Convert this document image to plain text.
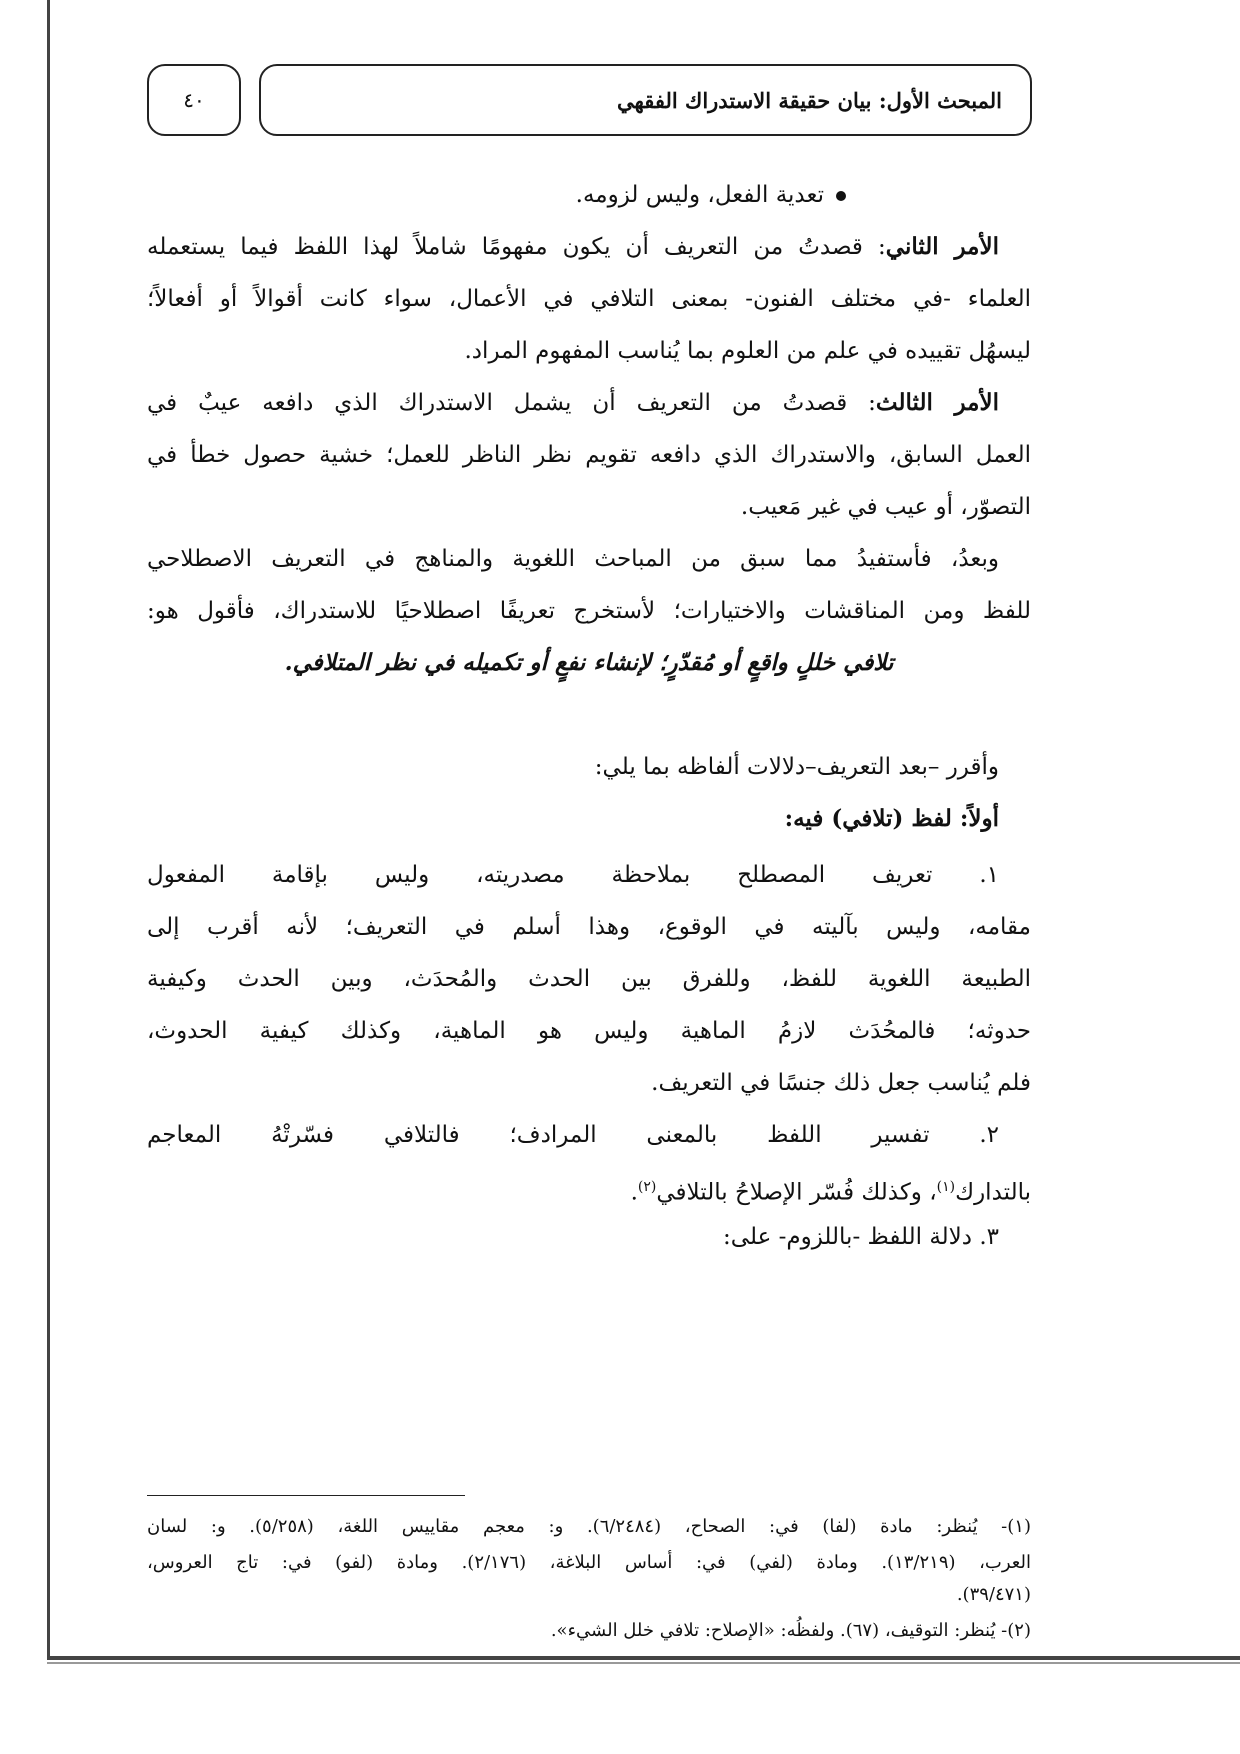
المبحث الأول: بيان حقيقة الاستدراك الفقهي
٤٠
تعدية الفعل، وليس لزومه.
الأمر الثاني: قصدتُ من التعريف أن يكون مفهومًا شاملاً لهذا اللفظ فيما يستعمله
العلماء -في مختلف الفنون- بمعنى التلافي في الأعمال، سواء كانت أقوالاً أو أفعالاً؛
ليسهُل تقييده في علم من العلوم بما يُناسب المفهوم المراد.
الأمر الثالث: قصدتُ من التعريف أن يشمل الاستدراك الذي دافعه عيبٌ في
العمل السابق، والاستدراك الذي دافعه تقويم نظر الناظر للعمل؛ خشية حصول خطأ في
التصوّر، أو عيب في غير مَعيب.
وبعدُ، فأستفيدُ مما سبق من المباحث اللغوية والمناهج في التعريف الاصطلاحي
للفظ ومن المناقشات والاختيارات؛ لأستخرج تعريفًا اصطلاحيًا للاستدراك، فأقول هو:
تلافي خللٍ واقعٍ أو مُقدّرٍ؛ لإنشاء نفعٍ أو تكميله في نظر المتلافي.
وأقرر –بعد التعريف–دلالات ألفاظه بما يلي:
أولاً: لفظ (تلافي) فيه:
١. تعريف المصطلح بملاحظة مصدريته، وليس بإقامة المفعول
مقامه، وليس بآليته في الوقوع، وهذا أسلم في التعريف؛ لأنه أقرب إلى
الطبيعة اللغوية للفظ، وللفرق بين الحدث والمُحدَث، وبين الحدث وكيفية
حدوثه؛ فالمحُدَث لازمُ الماهية وليس هو الماهية، وكذلك كيفية الحدوث،
فلم يُناسب جعل ذلك جنسًا في التعريف.
٢. تفسير اللفظ بالمعنى المرادف؛ فالتلافي فسّرتْهُ المعاجم
بالتدارك$^{(١)}$، وكذلك فُسّر الإصلاحُ بالتلافي$^{(٢)}$.
٣. دلالة اللفظ -باللزوم- على:
(١)- يُنظر: مادة (لفا) في: الصحاح، (٦/٢٤٨٤). و: معجم مقاييس اللغة، (٥/٢٥٨). و: لسان
العرب، (١٣/٢١٩). ومادة (لفي) في: أساس البلاغة، (٢/١٧٦). ومادة (لفو) في: تاج العروس،
(٣٩/٤٧١).
(٢)- يُنظر: التوقيف، (٦٧). ولفظُه: «الإصلاح: تلافي خلل الشيء».
